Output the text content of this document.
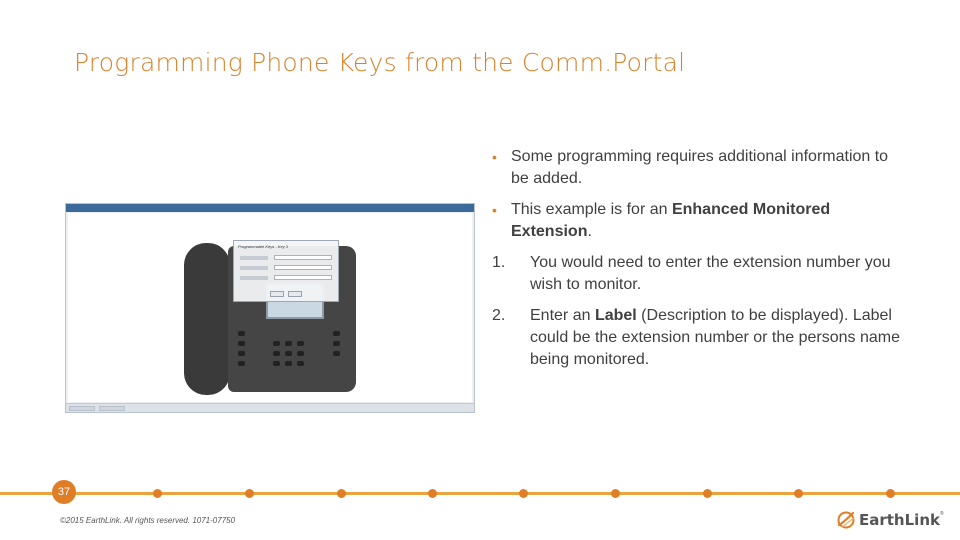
Programming Phone Keys from the Comm.Portal
Programmable Keys - Key 3
• Some programming requires additional information to be added.
• This example is for an Enhanced Monitored Extension.
1. You would need to enter the extension number you wish to monitor.
2. Enter an Label (Description to be displayed). Label could be the extension number or the persons name being monitored.
37
©2015 EarthLink. All rights reserved. 1071-07750	EarthLink ®
